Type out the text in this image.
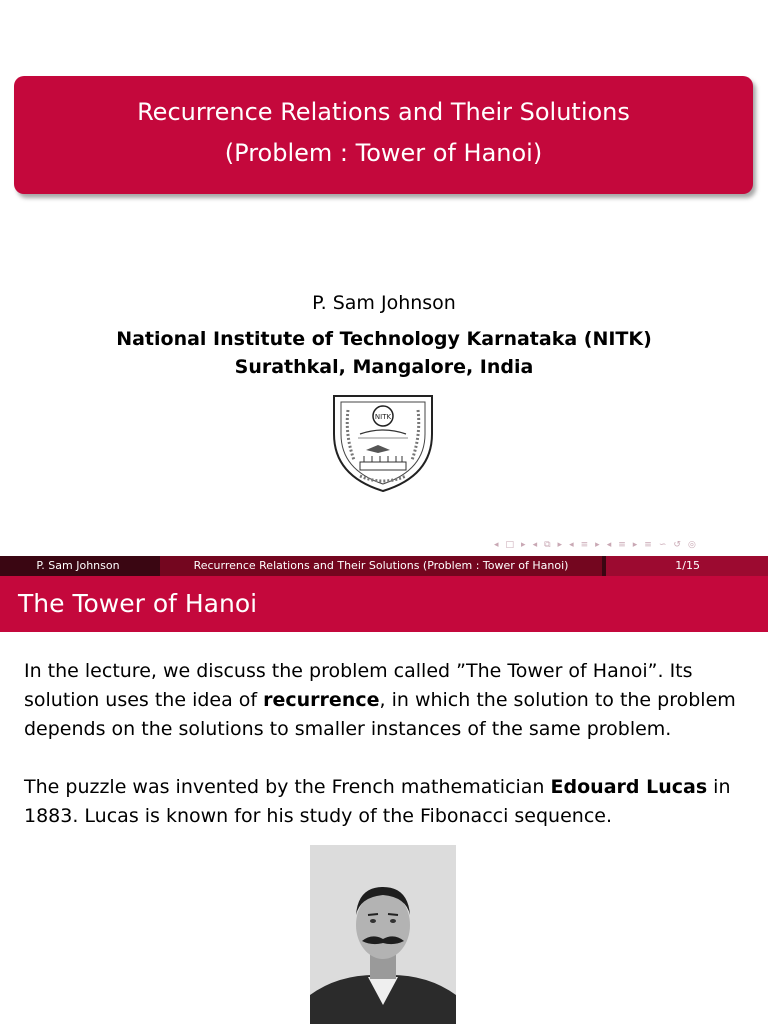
Recurrence Relations and Their Solutions
(Problem : Tower of Hanoi)
P. Sam Johnson
National Institute of Technology Karnataka (NITK)
Surathkal, Mangalore, India
NITK
◂ □ ▸ ◂ ⧉ ▸ ◂ ≡ ▸ ◂ ≡ ▸ ≡ ∽ ↺ ◎
P. Sam Johnson	Recurrence Relations and Their Solutions (Problem : Tower of Hanoi)	1/15
The Tower of Hanoi
In the lecture, we discuss the problem called ”The Tower of Hanoi”. Its solution uses the idea of recurrence, in which the solution to the problem depends on the solutions to smaller instances of the same problem.
The puzzle was invented by the French mathematician Edouard Lucas in 1883. Lucas is known for his study of the Fibonacci sequence.
